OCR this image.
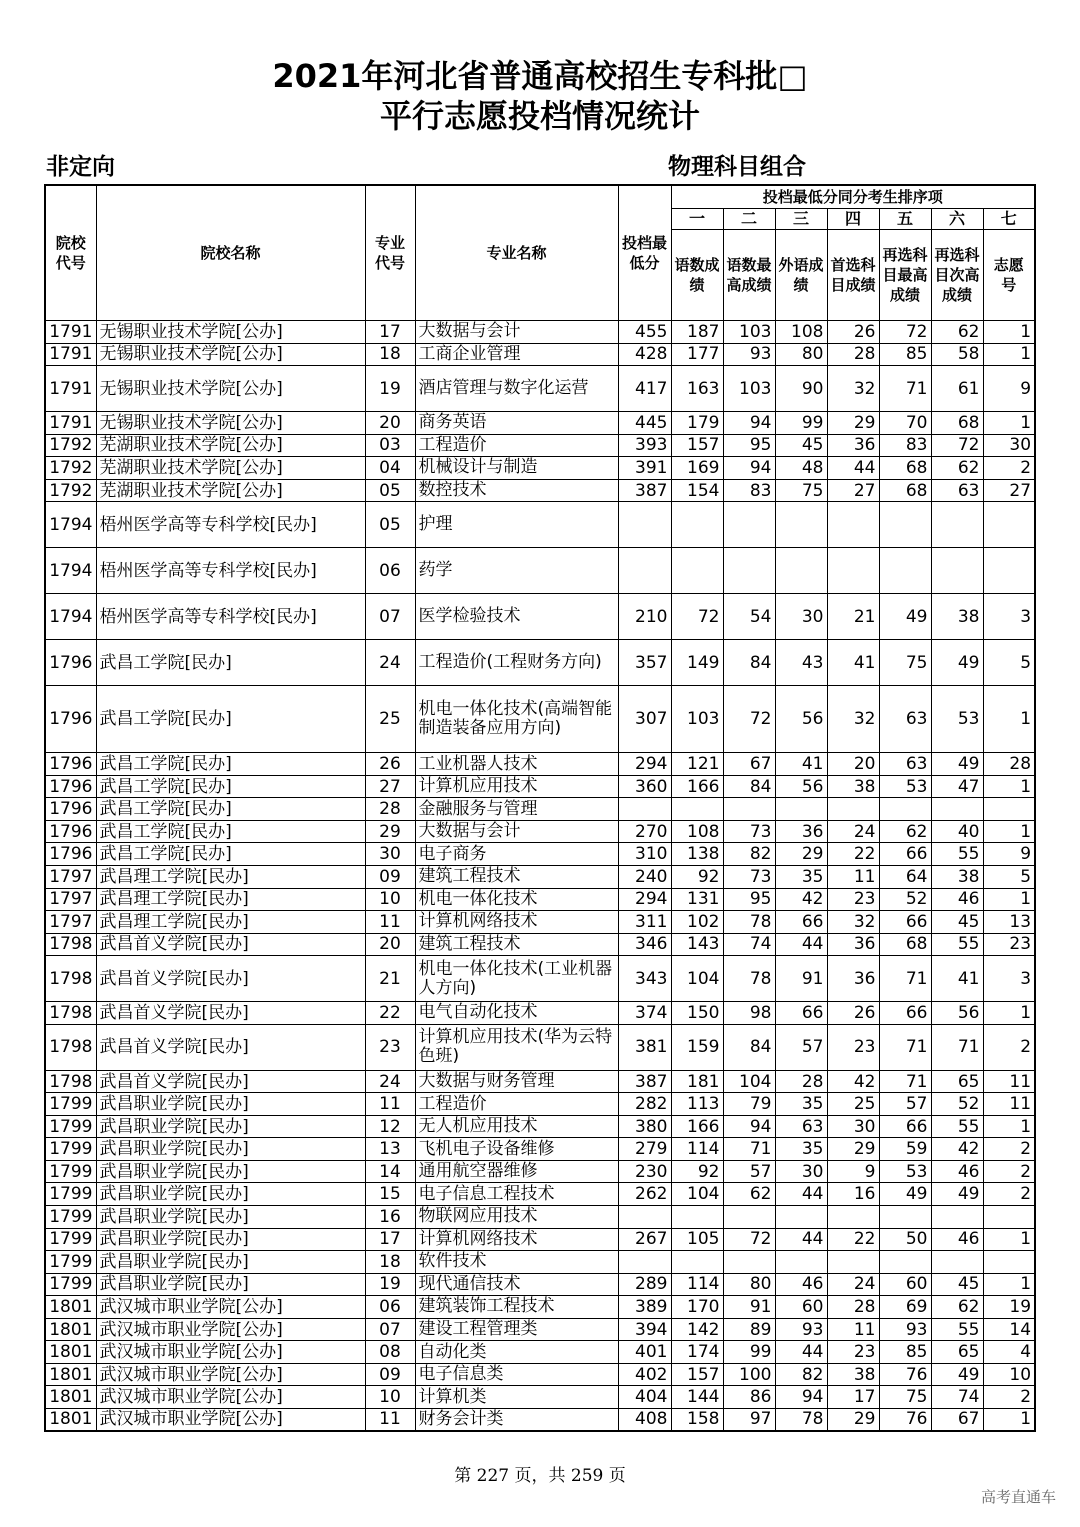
2021年河北省普通高校招生专科批□
平行志愿投档情况统计
非定向	物理科目组合
院校代号	院校名称	专业代号	专业名称	投档最低分	投档最低分同分考生排序项						
					一	二	三	四	五	六	七
					语数成绩	语数最高成绩	外语成绩	首选科目成绩	再选科目最高成绩	再选科目次高成绩	志愿号
1791	无锡职业技术学院[公办]	17	大数据与会计	455	187	103	108	26	72	62	1
1791	无锡职业技术学院[公办]	18	工商企业管理	428	177	93	80	28	85	58	1
1791	无锡职业技术学院[公办]	19	酒店管理与数字化运营	417	163	103	90	32	71	61	9
1791	无锡职业技术学院[公办]	20	商务英语	445	179	94	99	29	70	68	1
1792	芜湖职业技术学院[公办]	03	工程造价	393	157	95	45	36	83	72	30
1792	芜湖职业技术学院[公办]	04	机械设计与制造	391	169	94	48	44	68	62	2
1792	芜湖职业技术学院[公办]	05	数控技术	387	154	83	75	27	68	63	27
1794	梧州医学高等专科学校[民办]	05	护理								
1794	梧州医学高等专科学校[民办]	06	药学								
1794	梧州医学高等专科学校[民办]	07	医学检验技术	210	72	54	30	21	49	38	3
1796	武昌工学院[民办]	24	工程造价(工程财务方向)	357	149	84	43	41	75	49	5
1796	武昌工学院[民办]	25	机电一体化技术(高端智能制造装备应用方向)	307	103	72	56	32	63	53	1
1796	武昌工学院[民办]	26	工业机器人技术	294	121	67	41	20	63	49	28
1796	武昌工学院[民办]	27	计算机应用技术	360	166	84	56	38	53	47	1
1796	武昌工学院[民办]	28	金融服务与管理								
1796	武昌工学院[民办]	29	大数据与会计	270	108	73	36	24	62	40	1
1796	武昌工学院[民办]	30	电子商务	310	138	82	29	22	66	55	9
1797	武昌理工学院[民办]	09	建筑工程技术	240	92	73	35	11	64	38	5
1797	武昌理工学院[民办]	10	机电一体化技术	294	131	95	42	23	52	46	1
1797	武昌理工学院[民办]	11	计算机网络技术	311	102	78	66	32	66	45	13
1798	武昌首义学院[民办]	20	建筑工程技术	346	143	74	44	36	68	55	23
1798	武昌首义学院[民办]	21	机电一体化技术(工业机器人方向)	343	104	78	91	36	71	41	3
1798	武昌首义学院[民办]	22	电气自动化技术	374	150	98	66	26	66	56	1
1798	武昌首义学院[民办]	23	计算机应用技术(华为云特色班)	381	159	84	57	23	71	71	2
1798	武昌首义学院[民办]	24	大数据与财务管理	387	181	104	28	42	71	65	11
1799	武昌职业学院[民办]	11	工程造价	282	113	79	35	25	57	52	11
1799	武昌职业学院[民办]	12	无人机应用技术	380	166	94	63	30	66	55	1
1799	武昌职业学院[民办]	13	飞机电子设备维修	279	114	71	35	29	59	42	2
1799	武昌职业学院[民办]	14	通用航空器维修	230	92	57	30	9	53	46	2
1799	武昌职业学院[民办]	15	电子信息工程技术	262	104	62	44	16	49	49	2
1799	武昌职业学院[民办]	16	物联网应用技术								
1799	武昌职业学院[民办]	17	计算机网络技术	267	105	72	44	22	50	46	1
1799	武昌职业学院[民办]	18	软件技术								
1799	武昌职业学院[民办]	19	现代通信技术	289	114	80	46	24	60	45	1
1801	武汉城市职业学院[公办]	06	建筑装饰工程技术	389	170	91	60	28	69	62	19
1801	武汉城市职业学院[公办]	07	建设工程管理类	394	142	89	93	11	93	55	14
1801	武汉城市职业学院[公办]	08	自动化类	401	174	99	44	23	85	65	4
1801	武汉城市职业学院[公办]	09	电子信息类	402	157	100	82	38	76	49	10
1801	武汉城市职业学院[公办]	10	计算机类	404	144	86	94	17	75	74	2
1801	武汉城市职业学院[公办]	11	财务会计类	408	158	97	78	29	76	67	1
第 227 页，共 259 页
高考直通车
